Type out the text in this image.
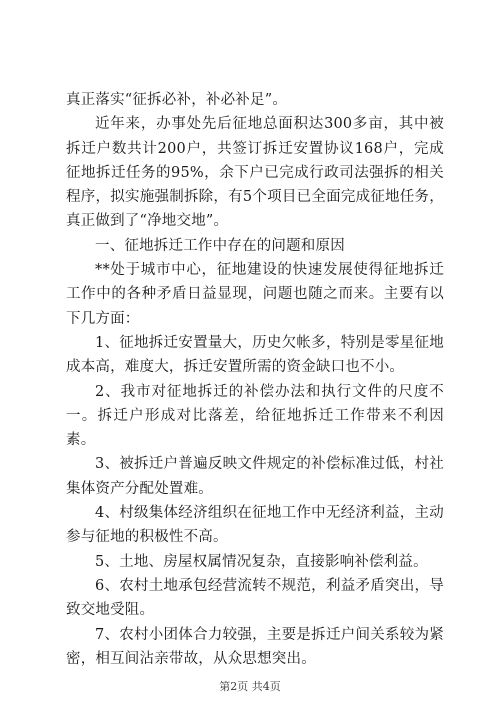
真正落实“征拆必补，补必补足”。

近年来，办事处先后征地总面积达300多亩，其中被拆迁户数共计200户，共签订拆迁安置协议168户，完成征地拆迁任务的95%，余下户已完成行政司法强拆的相关程序，拟实施强制拆除，有5个项目已全面完成征地任务，真正做到了“净地交地”。

一、征地拆迁工作中存在的问题和原因

**处于城市中心，征地建设的快速发展使得征地拆迁工作中的各种矛盾日益显现，问题也随之而来。主要有以下几方面：

1、征地拆迁安置量大，历史欠帐多，特别是零星征地成本高，难度大，拆迁安置所需的资金缺口也不小。

2、我市对征地拆迁的补偿办法和执行文件的尺度不一。拆迁户形成对比落差，给征地拆迁工作带来不利因素。

3、被拆迁户普遍反映文件规定的补偿标准过低，村社集体资产分配处置难。

4、村级集体经济组织在征地工作中无经济利益，主动参与征地的积极性不高。

5、土地、房屋权属情况复杂，直接影响补偿利益。

6、农村土地承包经营流转不规范，利益矛盾突出，导致交地受阻。

7、农村小团体合力较强，主要是拆迁户间关系较为紧密，相互间沾亲带故，从众思想突出。

第2页 共4页
